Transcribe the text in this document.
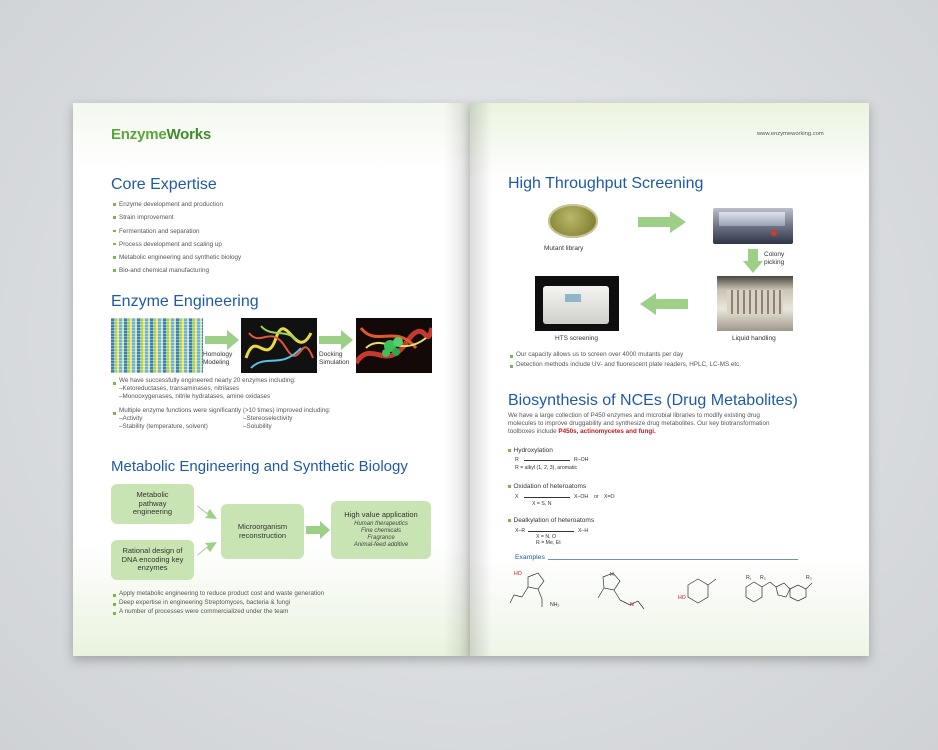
EnzymeWorks
Core Expertise
Enzyme development and production
Strain improvement
Fermentation and separation
Process development and scaling up
Metabolic engineering and synthetic biology
Bio-and chemical manufacturing
Enzyme Engineering
Homology
Modeling
Docking
Simulation
We have successfully engineered nearly 20 enzymes including:
–Ketoreductases, transaminases, nitrilases
–Monooxygenases, nitrile hydratases, amine oxidases
Multiple enzyme functions were significantly (>10 times) improved including:
–Activity	–Stereoselectivity
–Stability (temperature, solvent)	–Solubility
Metabolic Engineering and Synthetic Biology
Metabolic
pathway
engineering
Rational design of
DNA encoding key
enzymes
Microorganism
reconstruction
High value application
Human therapeutics
Fine chemicals
Fragrance
Animal-feed additive
Apply metabolic engineering to reduce product cost and waste generation
Deep expertise in engineering Streptomyces, bacteria & fungi
A number of processes were commercialized under the team
www.enzymeworking.com
High Throughput Screening
Mutant library
Colony
picking
Liquid handling
HTS screening
Our capacity allows us to screen over 4000 mutants per day
Detection methods include UV- and fluorescent plate readers, HPLC, LC-MS etc.
Biosynthesis of NCEs (Drug Metabolites)
We have a large collection of P450 enzymes and microbial libraries to modify existing drug
molecules to improve druggability and synthesize drug metabolites. Our key biotransformation
toolboxes include P450s, actinomycetes and fungi.
Hydroxylation
R	R–OH
R = alkyl (1, 2, 3), aromatic
Oxidation of heteroatoms
X	X–OH or X=O
X = S, N
Dealkylation of heteroatoms
X–R	X–H
X = N, O
R = Me, Et
Examples
HO
NH₂
H
N
HO
R₁ R₂	R₃
